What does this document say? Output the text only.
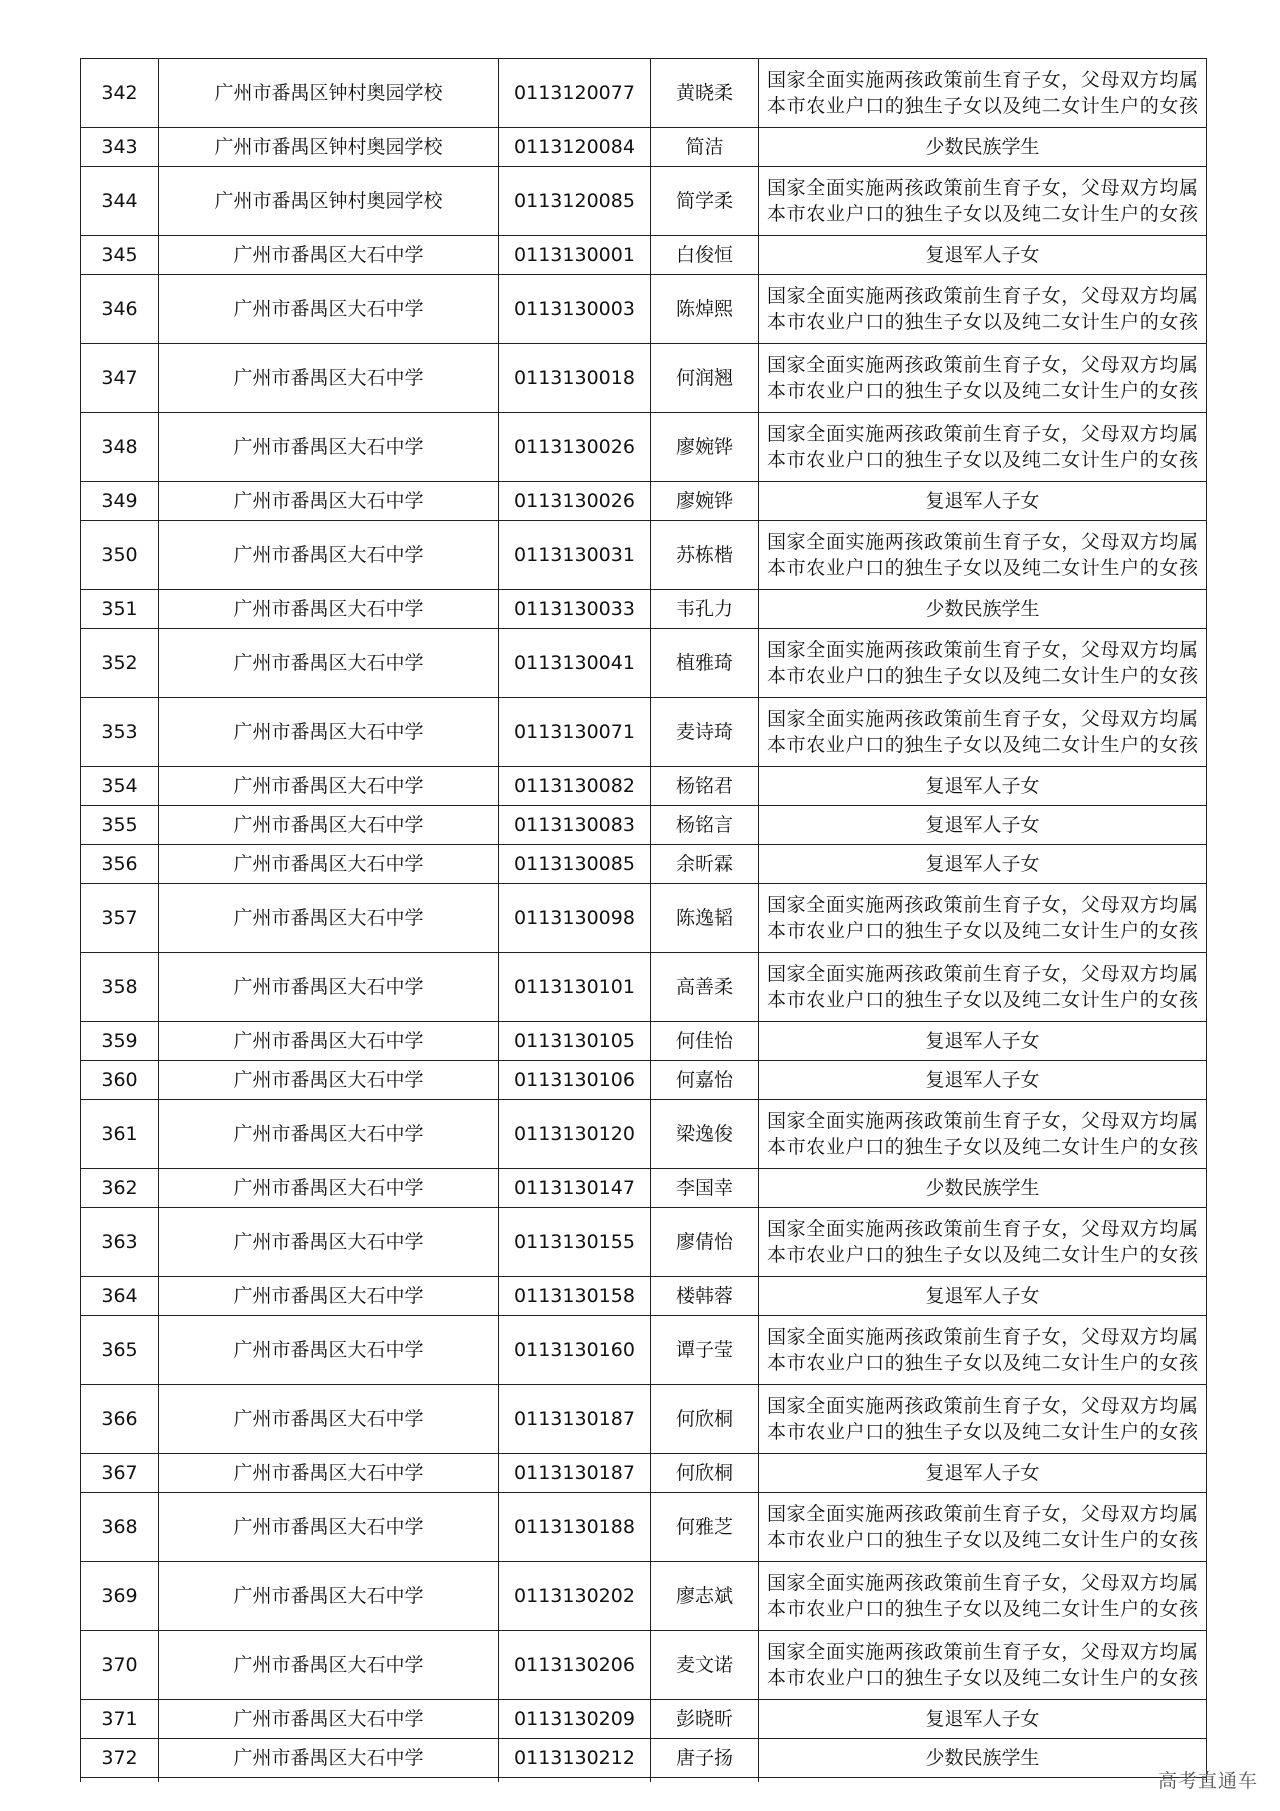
342	广州市番禺区钟村奥园学校	0113120077	黄晓柔	国家全面实施两孩政策前生育子女，父母双方均属本市农业户口的独生子女以及纯二女计生户的女孩
343	广州市番禺区钟村奥园学校	0113120084	简洁	少数民族学生
344	广州市番禺区钟村奥园学校	0113120085	简学柔	国家全面实施两孩政策前生育子女，父母双方均属本市农业户口的独生子女以及纯二女计生户的女孩
345	广州市番禺区大石中学	0113130001	白俊恒	复退军人子女
346	广州市番禺区大石中学	0113130003	陈焯熙	国家全面实施两孩政策前生育子女，父母双方均属本市农业户口的独生子女以及纯二女计生户的女孩
347	广州市番禺区大石中学	0113130018	何润翘	国家全面实施两孩政策前生育子女，父母双方均属本市农业户口的独生子女以及纯二女计生户的女孩
348	广州市番禺区大石中学	0113130026	廖婉铧	国家全面实施两孩政策前生育子女，父母双方均属本市农业户口的独生子女以及纯二女计生户的女孩
349	广州市番禺区大石中学	0113130026	廖婉铧	复退军人子女
350	广州市番禺区大石中学	0113130031	苏栋楷	国家全面实施两孩政策前生育子女，父母双方均属本市农业户口的独生子女以及纯二女计生户的女孩
351	广州市番禺区大石中学	0113130033	韦孔力	少数民族学生
352	广州市番禺区大石中学	0113130041	植雅琦	国家全面实施两孩政策前生育子女，父母双方均属本市农业户口的独生子女以及纯二女计生户的女孩
353	广州市番禺区大石中学	0113130071	麦诗琦	国家全面实施两孩政策前生育子女，父母双方均属本市农业户口的独生子女以及纯二女计生户的女孩
354	广州市番禺区大石中学	0113130082	杨铭君	复退军人子女
355	广州市番禺区大石中学	0113130083	杨铭言	复退军人子女
356	广州市番禺区大石中学	0113130085	余昕霖	复退军人子女
357	广州市番禺区大石中学	0113130098	陈逸韬	国家全面实施两孩政策前生育子女，父母双方均属本市农业户口的独生子女以及纯二女计生户的女孩
358	广州市番禺区大石中学	0113130101	高善柔	国家全面实施两孩政策前生育子女，父母双方均属本市农业户口的独生子女以及纯二女计生户的女孩
359	广州市番禺区大石中学	0113130105	何佳怡	复退军人子女
360	广州市番禺区大石中学	0113130106	何嘉怡	复退军人子女
361	广州市番禺区大石中学	0113130120	梁逸俊	国家全面实施两孩政策前生育子女，父母双方均属本市农业户口的独生子女以及纯二女计生户的女孩
362	广州市番禺区大石中学	0113130147	李国幸	少数民族学生
363	广州市番禺区大石中学	0113130155	廖倩怡	国家全面实施两孩政策前生育子女，父母双方均属本市农业户口的独生子女以及纯二女计生户的女孩
364	广州市番禺区大石中学	0113130158	楼韩蓉	复退军人子女
365	广州市番禺区大石中学	0113130160	谭子莹	国家全面实施两孩政策前生育子女，父母双方均属本市农业户口的独生子女以及纯二女计生户的女孩
366	广州市番禺区大石中学	0113130187	何欣桐	国家全面实施两孩政策前生育子女，父母双方均属本市农业户口的独生子女以及纯二女计生户的女孩
367	广州市番禺区大石中学	0113130187	何欣桐	复退军人子女
368	广州市番禺区大石中学	0113130188	何雅芝	国家全面实施两孩政策前生育子女，父母双方均属本市农业户口的独生子女以及纯二女计生户的女孩
369	广州市番禺区大石中学	0113130202	廖志斌	国家全面实施两孩政策前生育子女，父母双方均属本市农业户口的独生子女以及纯二女计生户的女孩
370	广州市番禺区大石中学	0113130206	麦文诺	国家全面实施两孩政策前生育子女，父母双方均属本市农业户口的独生子女以及纯二女计生户的女孩
371	广州市番禺区大石中学	0113130209	彭晓昕	复退军人子女
372	广州市番禺区大石中学	0113130212	唐子扬	少数民族学生

高考直通车
